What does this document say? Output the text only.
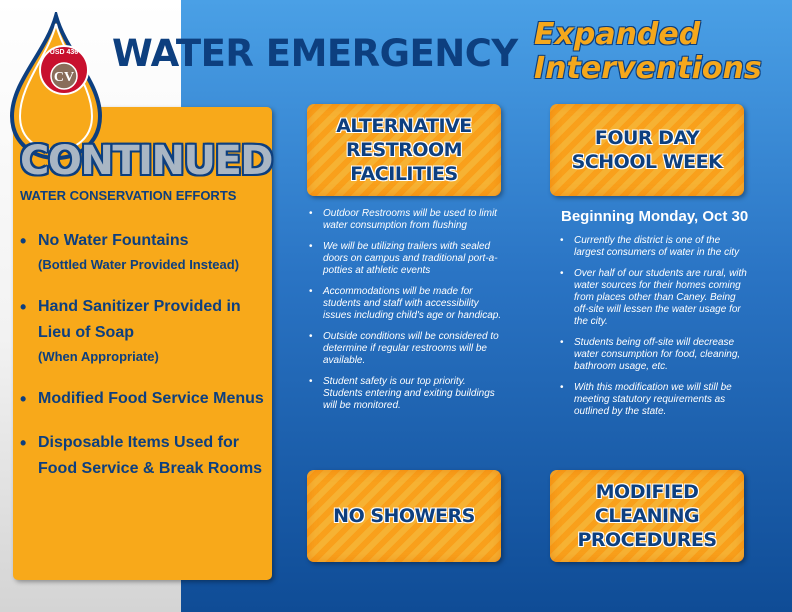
USD 436
CV
WATER EMERGENCY Expanded
Interventions
CONTINUED
WATER CONSERVATION EFFORTS
• No Water Fountains
(Bottled Water Provided Instead)
• Hand Sanitizer Provided in Lieu of Soap
(When Appropriate)
• Modified Food Service Menus
• Disposable Items Used for Food Service & Break Rooms
ALTERNATIVE
RESTROOM
FACILITIES
• Outdoor Restrooms will be used to limit water consumption from flushing
• We will be utilizing trailers with sealed doors on campus and traditional port-a-potties at athletic events
• Accommodations will be made for students and staff with accessibility issues including child's age or handicap.
• Outside conditions will be considered to determine if regular restrooms will be available.
• Student safety is our top priority. Students entering and exiting buildings will be monitored.
FOUR DAY
SCHOOL WEEK
Beginning Monday, Oct 30
• Currently the district is one of the largest consumers of water in the city
• Over half of our students are rural, with water sources for their homes coming from places other than Caney. Being off-site will lessen the water usage for the city.
• Students being off-site will decrease water consumption for food, cleaning, bathroom usage, etc.
• With this modification we will still be meeting statutory requirements as outlined by the state.
NO SHOWERS
MODIFIED
CLEANING
PROCEDURES
